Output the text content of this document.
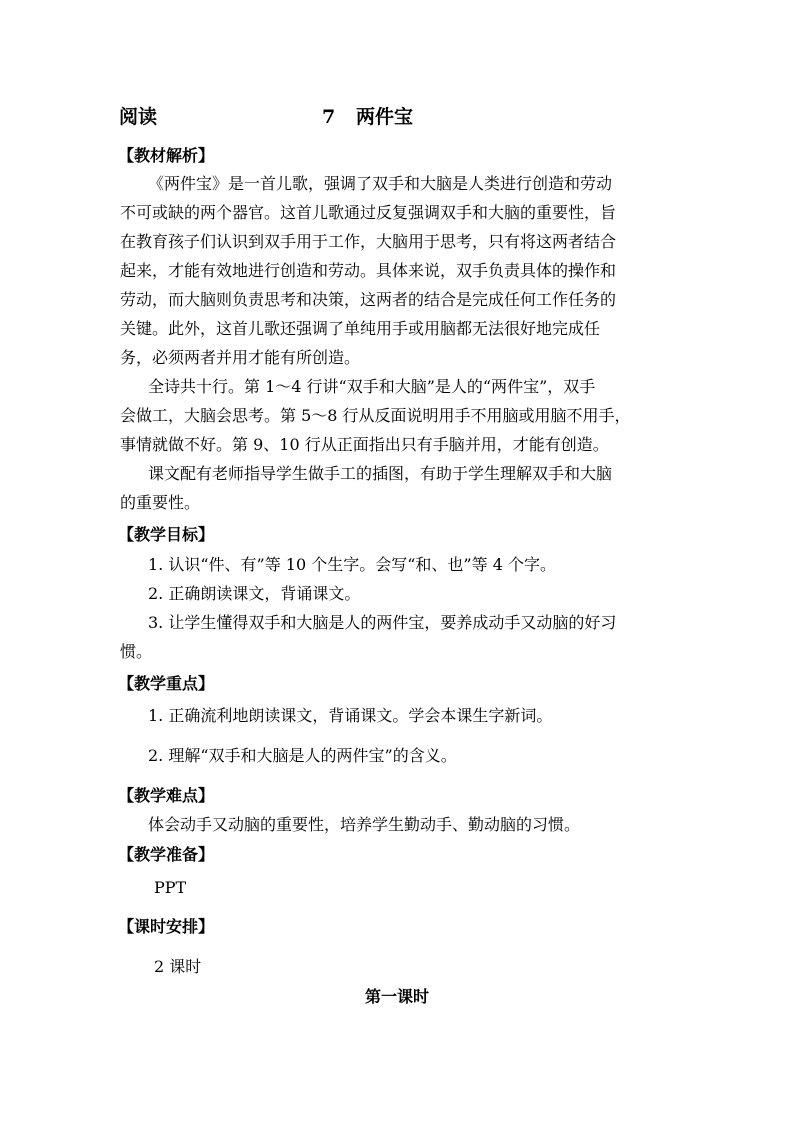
阅读	7 两件宝
【教材解析】
《两件宝》是一首儿歌，强调了双手和大脑是人类进行创造和劳动
不可或缺的两个器官。这首儿歌通过反复强调双手和大脑的重要性，旨
在教育孩子们认识到双手用于工作，大脑用于思考，只有将这两者结合
起来，才能有效地进行创造和劳动。具体来说，双手负责具体的操作和
劳动，而大脑则负责思考和决策，这两者的结合是完成任何工作任务的
关键。此外，这首儿歌还强调了单纯用手或用脑都无法很好地完成任
务，必须两者并用才能有所创造。
全诗共十行。第 1～4 行讲“双手和大脑”是人的“两件宝”，双手
会做工，大脑会思考。第 5～8 行从反面说明用手不用脑或用脑不用手，
事情就做不好。第 9、10 行从正面指出只有手脑并用，才能有创造。
课文配有老师指导学生做手工的插图，有助于学生理解双手和大脑
的重要性。
【教学目标】
1. 认识“件、有”等 10 个生字。会写“和、也”等 4 个字。
2. 正确朗读课文，背诵课文。
3. 让学生懂得双手和大脑是人的两件宝，要养成动手又动脑的好习
惯。
【教学重点】
1. 正确流利地朗读课文，背诵课文。学会本课生字新词。
2. 理解“双手和大脑是人的两件宝”的含义。
【教学难点】
体会动手又动脑的重要性，培养学生勤动手、勤动脑的习惯。
【教学准备】
PPT
【课时安排】
2 课时
第一课时
